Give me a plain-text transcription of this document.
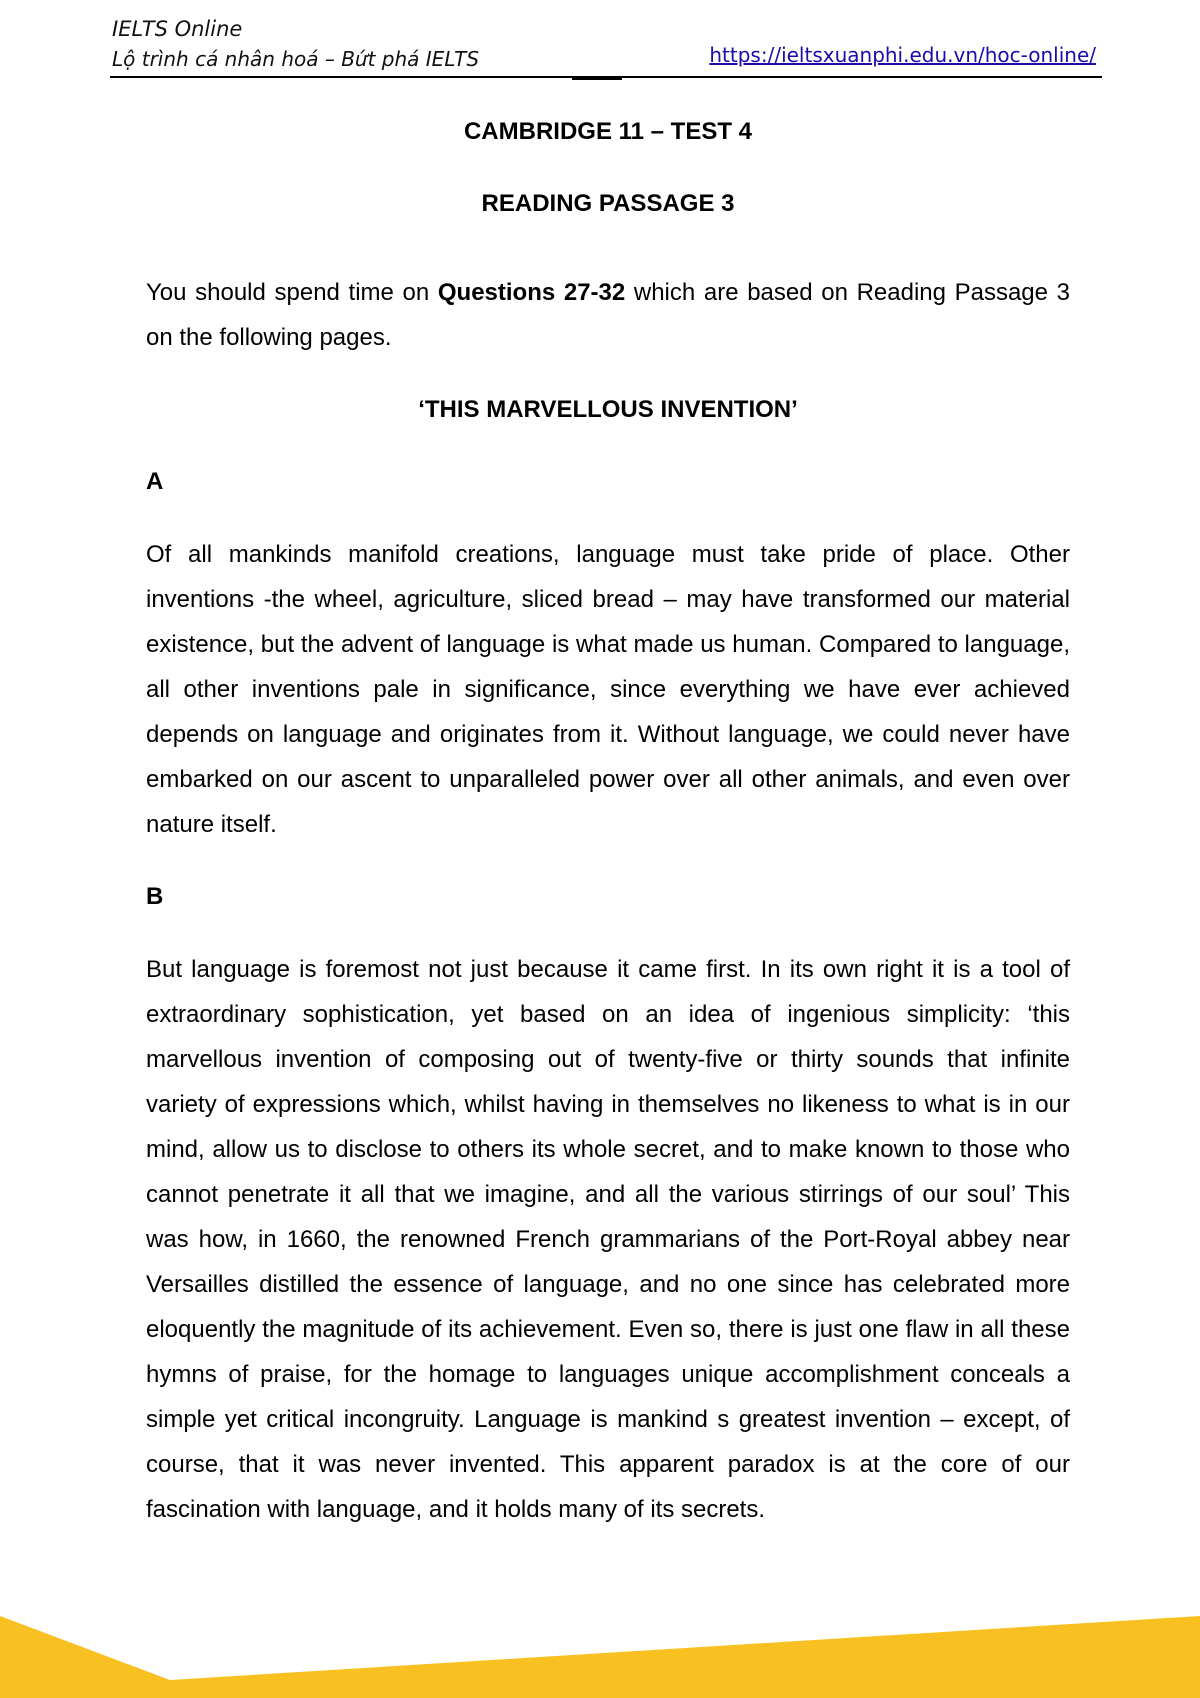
IELTS Online
Lộ trình cá nhân hoá – Bứt phá IELTS	https://ieltsxuanphi.edu.vn/hoc-online/
CAMBRIDGE 11 – TEST 4
READING PASSAGE 3

You should spend time on Questions 27-32 which are based on Reading Passage 3 on the following pages.

‘THIS MARVELLOUS INVENTION’
A

Of all mankinds manifold creations, language must take pride of place. Other inventions -the wheel, agriculture, sliced bread – may have transformed our material existence, but the advent of language is what made us human. Compared to language, all other inventions pale in significance, since everything we have ever achieved depends on language and originates from it. Without language, we could never have embarked on our ascent to unparalleled power over all other animals, and even over nature itself.

B

But language is foremost not just because it came first. In its own right it is a tool of extraordinary sophistication, yet based on an idea of ingenious simplicity: ‘this marvellous invention of composing out of twenty-five or thirty sounds that infinite variety of expressions which, whilst having in themselves no likeness to what is in our mind, allow us to disclose to others its whole secret, and to make known to those who cannot penetrate it all that we imagine, and all the various stirrings of our soul’ This was how, in 1660, the renowned French grammarians of the Port-Royal abbey near Versailles distilled the essence of language, and no one since has celebrated more eloquently the magnitude of its achievement. Even so, there is just one flaw in all these hymns of praise, for the homage to languages unique accomplishment conceals a simple yet critical incongruity. Language is mankind s greatest invention – except, of course, that it was never invented. This apparent paradox is at the core of our fascination with language, and it holds many of its secrets.
